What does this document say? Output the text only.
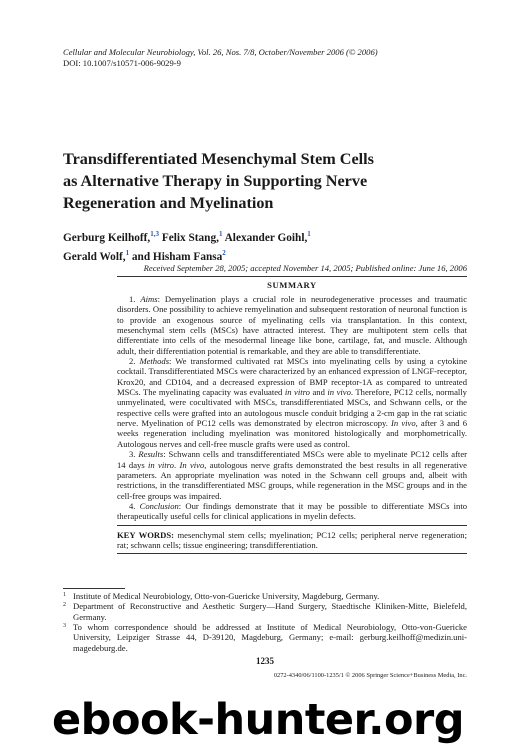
Cellular and Molecular Neurobiology, Vol. 26, Nos. 7/8, October/November 2006 (© 2006)
DOI: 10.1007/s10571-006-9029-9
Transdifferentiated Mesenchymal Stem Cells
as Alternative Therapy in Supporting Nerve
Regeneration and Myelination
Gerburg Keilhoff,$^{1,3}$ Felix Stang,$^1$ Alexander Goihl,$^1$
Gerald Wolf,$^1$ and Hisham Fansa$^2$
Received September 28, 2005; accepted November 14, 2005; Published online: June 16, 2006
SUMMARY

1. Aims: Demyelination plays a crucial role in neurodegenerative processes and traumatic disorders. One possibility to achieve remyelination and subsequent restoration of neuronal function is to provide an exogenous source of myelinating cells via transplantation. In this context, mesenchymal stem cells (MSCs) have attracted interest. They are multipotent stem cells that differentiate into cells of the mesodermal lineage like bone, cartilage, fat, and muscle. Although adult, their differentiation potential is remarkable, and they are able to transdifferentiate.

2. Methods: We transformed cultivated rat MSCs into myelinating cells by using a cytokine cocktail. Transdifferentiated MSCs were characterized by an enhanced expression of LNGF-receptor, Krox20, and CD104, and a decreased expression of BMP receptor-1A as compared to untreated MSCs. The myelinating capacity was evaluated in vitro and in vivo. Therefore, PC12 cells, normally unmyelinated, were cocultivated with MSCs, transdifferentiated MSCs, and Schwann cells, or the respective cells were grafted into an autologous muscle conduit bridging a 2-cm gap in the rat sciatic nerve. Myelination of PC12 cells was demonstrated by electron microscopy. In vivo, after 3 and 6 weeks regeneration including myelination was monitored histologically and morphometrically. Autologous nerves and cell-free muscle grafts were used as control.

3. Results: Schwann cells and transdifferentiated MSCs were able to myelinate PC12 cells after 14 days in vitro. In vivo, autologous nerve grafts demonstrated the best results in all regenerative parameters. An appropriate myelination was noted in the Schwann cell groups and, albeit with restrictions, in the transdifferentiated MSC groups, while regeneration in the MSC groups and in the cell-free groups was impaired.

4. Conclusion: Our findings demonstrate that it may be possible to differentiate MSCs into therapeutically useful cells for clinical applications in myelin defects.

KEY WORDS: mesenchymal stem cells; myelination; PC12 cells; peripheral nerve regeneration; rat; schwann cells; tissue engineering; transdifferentiation.
1 Institute of Medical Neurobiology, Otto-von-Guericke University, Magdeburg, Germany.
2 Department of Reconstructive and Aesthetic Surgery—Hand Surgery, Staedtische Kliniken-Mitte, Bielefeld, Germany.
3 To whom correspondence should be addressed at Institute of Medical Neurobiology, Otto-von-Guericke University, Leipziger Strasse 44, D-39120, Magdeburg, Germany; e-mail: gerburg.keilhoff@medizin.uni-magedeburg.de.
1235
0272-4340/06/1100-1235/1 © 2006 Springer Science+Business Media, Inc.
ebook-hunter.org
